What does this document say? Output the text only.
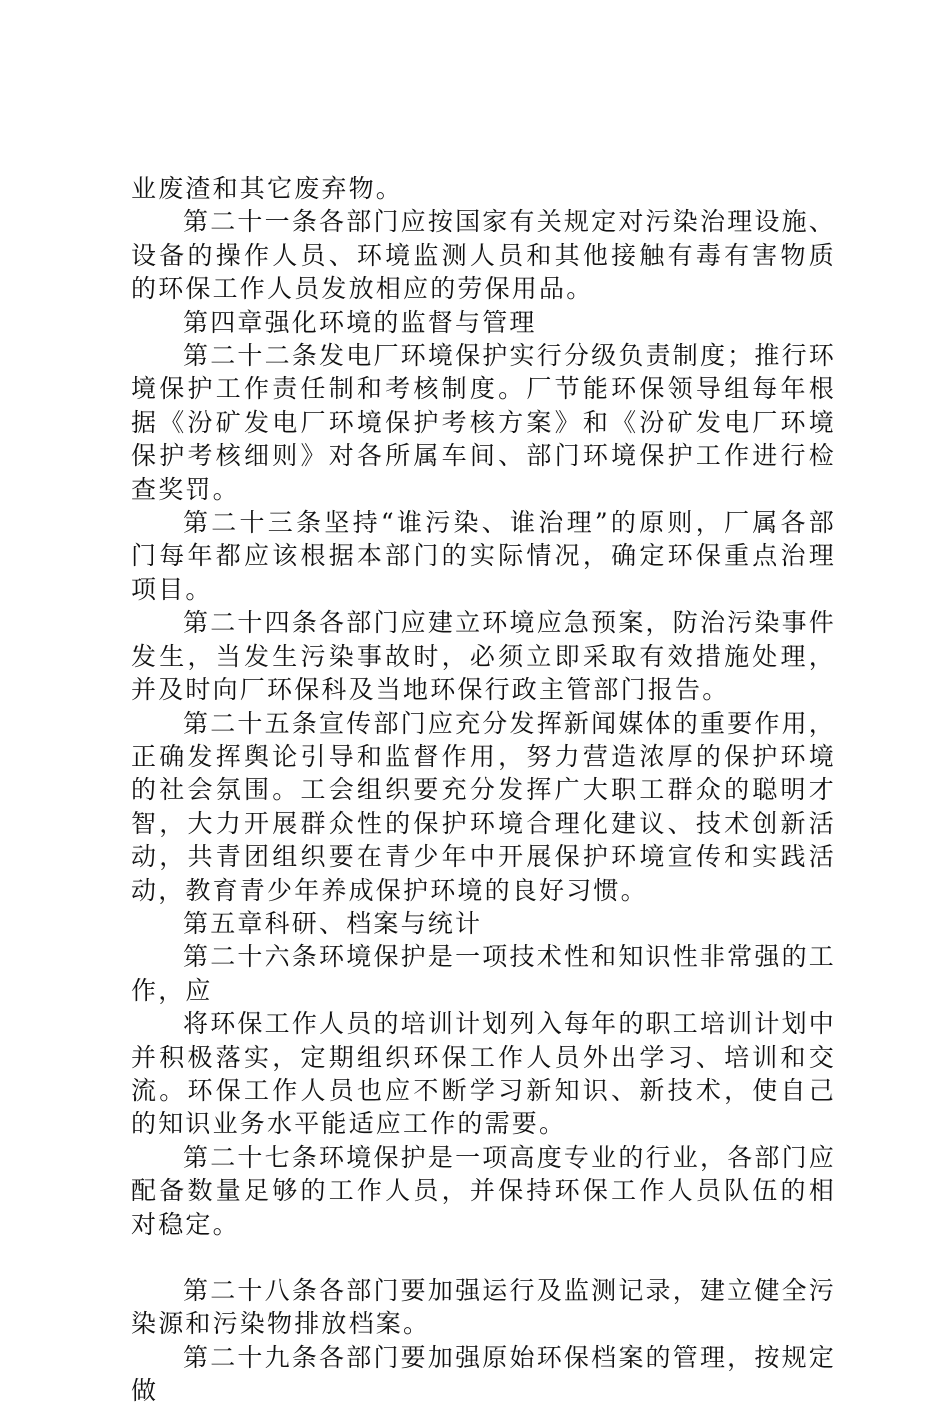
业废渣和其它废弃物。

第二十一条各部门应按国家有关规定对污染治理设施、设备的操作人员、环境监测人员和其他接触有毒有害物质的环保工作人员发放相应的劳保用品。

第四章强化环境的监督与管理

第二十二条发电厂环境保护实行分级负责制度；推行环境保护工作责任制和考核制度。厂节能环保领导组每年根据《汾矿发电厂环境保护考核方案》和《汾矿发电厂环境保护考核细则》对各所属车间、部门环境保护工作进行检查奖罚。

第二十三条坚持“谁污染、谁治理”的原则，厂属各部门每年都应该根据本部门的实际情况，确定环保重点治理项目。

第二十四条各部门应建立环境应急预案，防治污染事件发生，当发生污染事故时，必须立即采取有效措施处理，并及时向厂环保科及当地环保行政主管部门报告。

第二十五条宣传部门应充分发挥新闻媒体的重要作用，正确发挥舆论引导和监督作用，努力营造浓厚的保护环境的社会氛围。工会组织要充分发挥广大职工群众的聪明才智，大力开展群众性的保护环境合理化建议、技术创新活动，共青团组织要在青少年中开展保护环境宣传和实践活动，教育青少年养成保护环境的良好习惯。

第五章科研、档案与统计

第二十六条环境保护是一项技术性和知识性非常强的工作，应

将环保工作人员的培训计划列入每年的职工培训计划中并积极落实，定期组织环保工作人员外出学习、培训和交流。环保工作人员也应不断学习新知识、新技术，使自己的知识业务水平能适应工作的需要。

第二十七条环境保护是一项高度专业的行业，各部门应配备数量足够的工作人员，并保持环保工作人员队伍的相对稳定。

第二十八条各部门要加强运行及监测记录，建立健全污染源和污染物排放档案。

第二十九条各部门要加强原始环保档案的管理，按规定做
